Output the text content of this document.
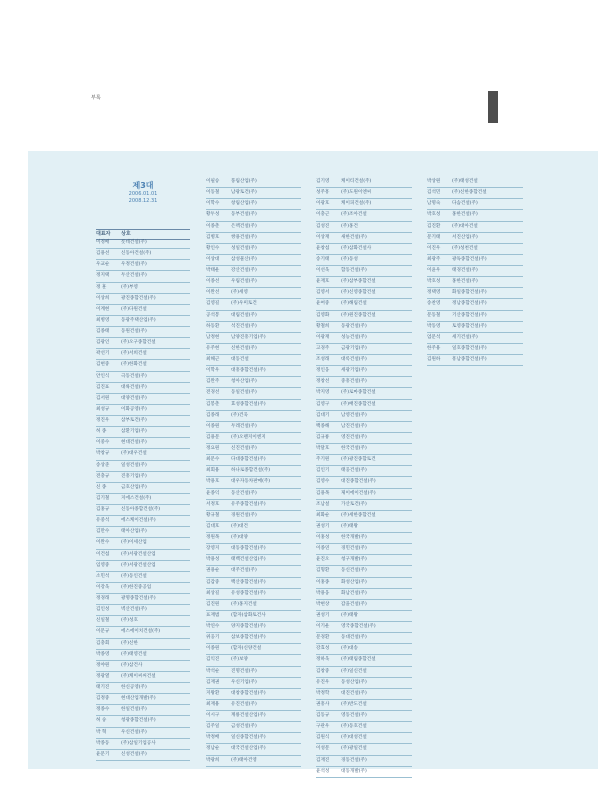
부록
제3대
2006.01.01
2008.12.31
대표자	상호
이정배	롯데건설(주)
김용선	신동아건설(주)
우교순	우정건설(주)
정지택	두산건설(주)
정 훈	(주)부영
이상희	광진종합건설(주)
이계현	(주)다원건설
최병영	동광주택산업(주)
김종태	동원건설(주)
김광인	(주)오구종합건설
곽선기	(주)서희건설
김현중	(주)한화건설
안인식	극동건설(주)
김진표	대륙건설(주)
김서원	대양건설(주)
최성규	이화공영(주)
정진우	삼부토건(주)
허 종	삼환기업(주)
이중수	현대건설(주)
박창규	(주)대우건설
송상준	일성건설(주)
전충규	진흥기업(주)
신 종	금호산업(주)
김기철	지에스건설(주)
김홍규	신동아종합건설(주)
유중석	에스케이건설(주)
김만수	태아산업(주)
이완수	(주)이세산업
이건섭	(주)서광건설산업
임영중	(주)서광건설산업
소민석	(주)동인건설
이강욱	(주)한진중공업
정경래	광명종합건설(주)
김인성	벽산건설(주)
신일철	(주)성호
이문규	에스에이치건설(주)
김충회	(주)신한
박종영	(주)태영건설
정야원	(주)삼건사
정광열	(주)케이씨씨건설
태기진	한신공영(주)
김정중	현대산업개발(주)
정종수	한일건설(주)
허 숭	청광종합건설(주)
박 혁	우신건설(주)
박종동	(주)삼일기업공사
윤문기	신성건설(주)
이필승	풍림산업(주)
이동철	남광토건(주)
이학수	창림산업(주)
황두성	동부건설(주)
이종춘	은맥건설(주)
김병호	쌍용건설(주)
황인수	성일건설(주)
이상대	삼성물산(주)
박태운	강산건설(주)
이종선	우림건설(주)
이완선	(주)세영
김영길	(주)우미토건
공석봉	대림건설(주)
하동환	석진건설(주)
남정현	남양진흥기업(주)
유주현	신한건설(주)
최해근	대동건설
이학우	대흥종합건설(주)
김완주	청아산업(주)
전경선	동일건설(주)
김봉춘	효성종합건설(주)
김종래	(주)건욱
이종원	두레건설(주)
김용문	(주)오렌지이엔지
정요원	신진건설(주)
최문수	다대종합건설(주)
최회용	하나로종합건설(주)
박용호	대우자동차판매(주)
윤종익	동산건설(주)
서정호	유주종합건설(주)
황규철	경원건설(주)
김대호	(주)대건
정원목	(주)대양
장영지	대동종합건설(주)
박용성	태백건설산업(주)
권용순	대주건설(주)
김갑중	백산종합건설(주)
최상길	유성종합건설(주)
김진원	(주)홍지건설
표재범	(합자)삼화토건사
박연수	양지종합건설(주)
위웅기	삼보종합건설(주)
이종원	(합자)신양건설
김익진	(주)보양
박석순	진명건설(주)
김재권	우신기업(주)
지왕환	대창종합건설(주)
최재용	유진건설(주)
이시구	계룡건설산업(주)
김주일	금성건설(주)
박정배	일신종합건설(주)
정남순	대국건설산업(주)
박광희	(주)태아건영
김기영	케이티건설(주)
성주흥	(주)도원이엔씨
이광호	케이피건설(주)
이충근	(주)조아건설
김성진	(주)홍건
이상재	새한건설(주)
윤창섭	(주)삼화건설사
송기태	(주)동성
이선욱	합동건설(주)
윤재호	(주)삼부종합건설
김영서	(주)신영종합건설
윤여중	(주)해림건설
김영화	(주)원진종합건설
황철희	동광건설(주)
이광재	성능건설(주)
고경주	금광기업(주)
조성래	대록건설(주)
정인웅	세광기업(주)
정창선	중흥건설(주)
박지영	(주)로마종합건설
김영구	(주)배진종합건설
김대기	남영건설(주)
백종해	남진건설(주)
김규룡	영진건설(주)
박달호	한국건설(주)
주기원	(주)광진종합토건
김인기	태웅건설(주)
김영수	대진종합건설(주)
김용목	제이에이건설(주)
조남설	가산토건(주)
최화순	(주)세한종합건설
권성기	(주)태왕
이홍성	한국개발(주)
이종연	경민건설(주)
윤진오	청구개발(주)
김형환	동신건설(주)
이홍종	화성산업(주)
박용웅	화남건설(주)
박현상	갑을건설(주)
권성기	(주)태왕
이기운	영국종합건설(주)
문경환	동대건설(주)
강효성	(주)대송
정하욱	(주)태림종합건설
김창중	(주)일신건설
유진우	동성산업(주)
박정학	대진건설(주)
권흥사	(주)반도건설
김동규	영동건설(주)
구관우	(주)동호건설
김원식	(주)대성건설
이성문	(주)광일건설
김재진	경동건설(주)
윤석성	대동개발(주)
박상원	(주)태성건설
김석민	(주)신한종합건설
남명숙	다솜건설(주)
박호성	홍한건설(주)
김진환	(주)대아건설
문기태	서진산업(주)
이진우	(주)성천건설
최광주	광독종합건설(주)
이윤우	태경건설(주)
박호성	홍한건설(주)
정택영	화일종합건설(주)
송찬영	정남종합건설(주)
문동철	기산종합건설(주)
박동영	토영종합건설(주)
엄문석	세기건설(주)
한주용	일호종합건설(주)
김원하	흥남종합건설(주)
